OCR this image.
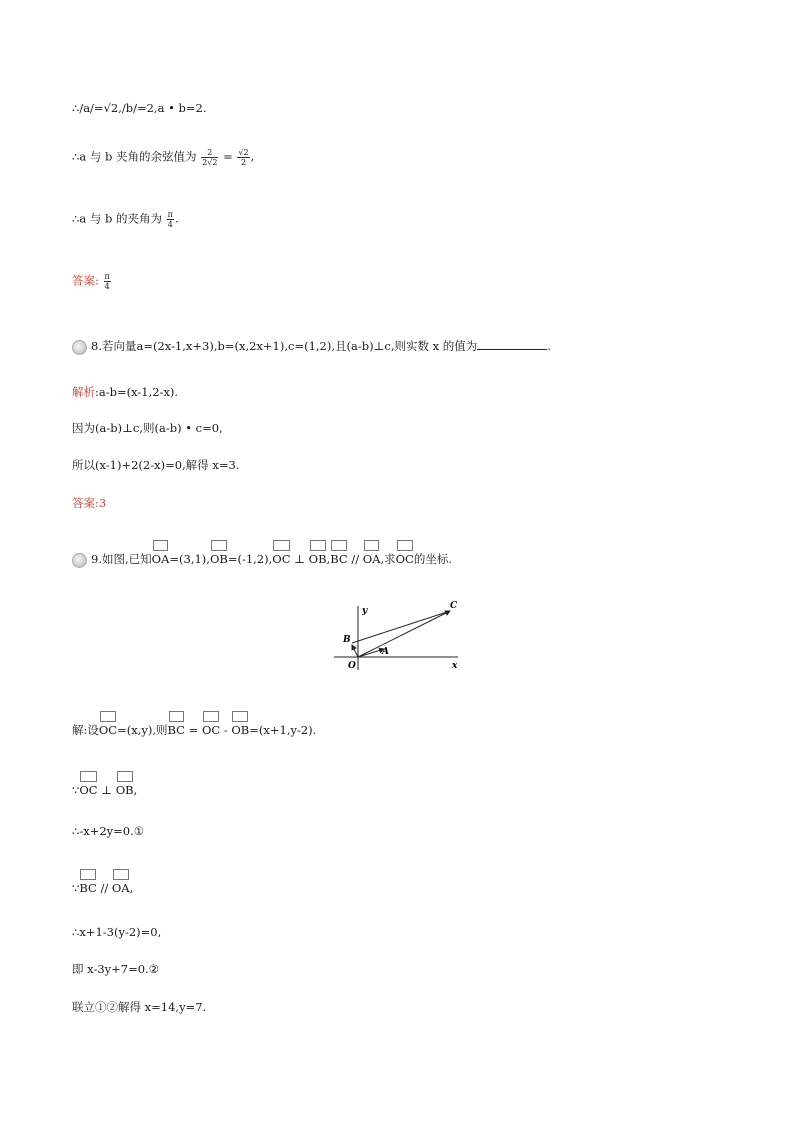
∴/a/=√2,/b/=2,a • b=2.
∴a 与 b 夹角的余弦值为 $\frac{2}{2√2} = \frac{√2}{2}$ ,
∴a 与 b 的夹角为 $\frac{\pi}{4}$ .
答案: $\frac{\pi}{4}$
8.若向量a=(2x-1,x+3),b=(x,2x+1),c=(1,2),且(a-b)⊥c,则实数 x 的值为	.
解析:a-b=(x-1,2-x).
因为(a-b)⊥c,则(a-b) • c=0,
所以(x-1)+2(2-x)=0,解得 x=3.
答案:3
9.如图,已知OA=(3,1),OB=(-1,2),OC ⊥ OB,BC // OA,求OC的坐标.
y
x
O
A
B
C
解:设OC=(x,y),则BC = OC - OB=(x+1,y-2).
∵OC ⊥ OB,
∴-x+2y=0.①
∵BC // OA,
∴x+1-3(y-2)=0,
即 x-3y+7=0.②
联立①②解得 x=14,y=7.
